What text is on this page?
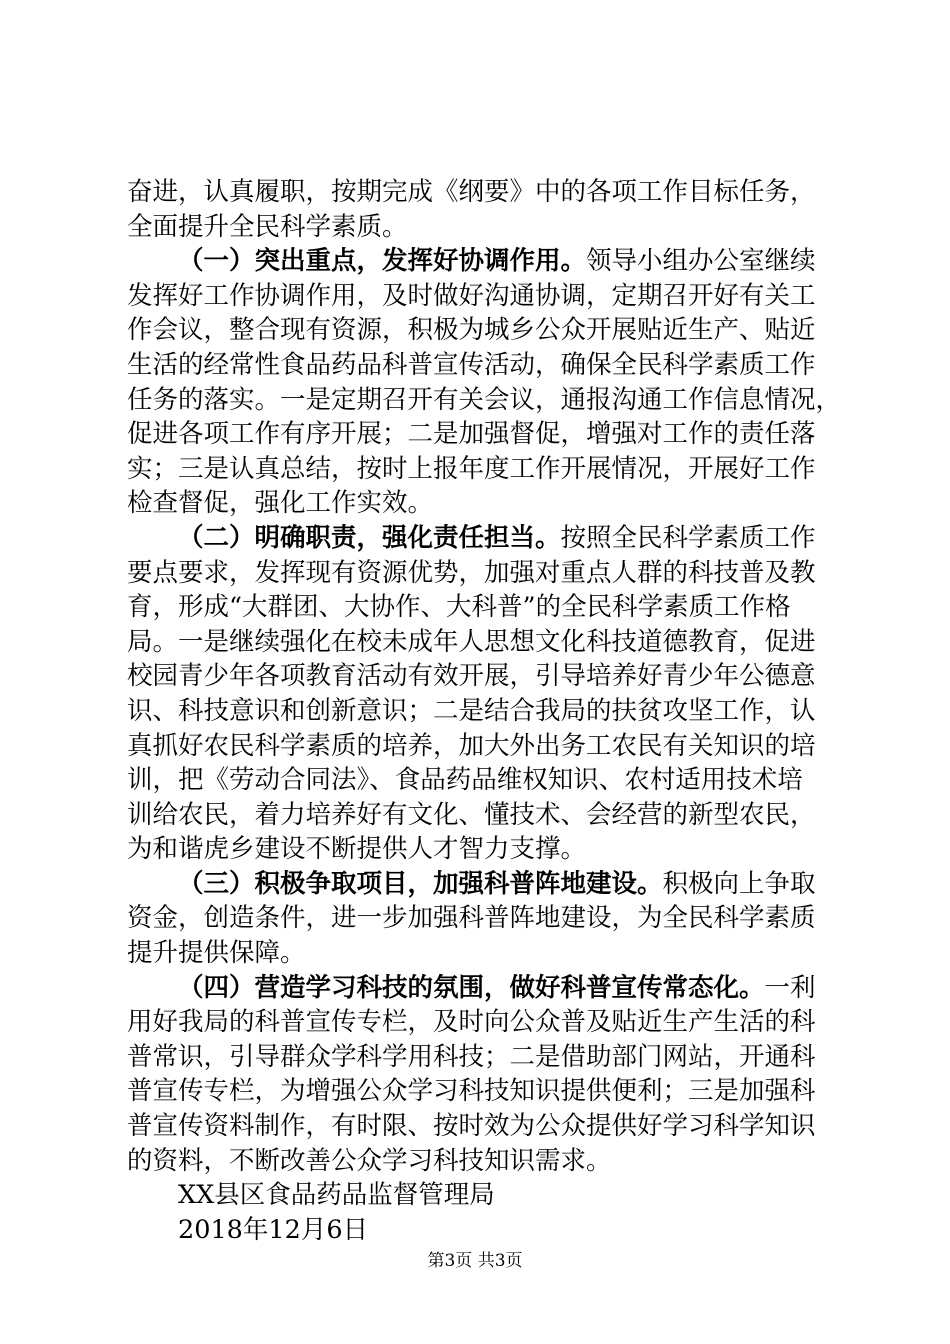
奋进，认真履职，按期完成《纲要》中的各项工作目标任务，
全面提升全民科学素质。
（一）突出重点，发挥好协调作用。领导小组办公室继续
发挥好工作协调作用，及时做好沟通协调，定期召开好有关工
作会议，整合现有资源，积极为城乡公众开展贴近生产、贴近
生活的经常性食品药品科普宣传活动，确保全民科学素质工作
任务的落实。一是定期召开有关会议，通报沟通工作信息情况，
促进各项工作有序开展；二是加强督促，增强对工作的责任落
实；三是认真总结，按时上报年度工作开展情况，开展好工作
检查督促，强化工作实效。
（二）明确职责，强化责任担当。按照全民科学素质工作
要点要求，发挥现有资源优势，加强对重点人群的科技普及教
育，形成“大群团、大协作、大科普”的全民科学素质工作格
局。一是继续强化在校未成年人思想文化科技道德教育，促进
校园青少年各项教育活动有效开展，引导培养好青少年公德意
识、科技意识和创新意识；二是结合我局的扶贫攻坚工作，认
真抓好农民科学素质的培养，加大外出务工农民有关知识的培
训，把《劳动合同法》、食品药品维权知识、农村适用技术培
训给农民，着力培养好有文化、懂技术、会经营的新型农民，
为和谐虎乡建设不断提供人才智力支撑。
（三）积极争取项目，加强科普阵地建设。积极向上争取
资金，创造条件，进一步加强科普阵地建设，为全民科学素质
提升提供保障。
（四）营造学习科技的氛围，做好科普宣传常态化。一利
用好我局的科普宣传专栏，及时向公众普及贴近生产生活的科
普常识，引导群众学科学用科技；二是借助部门网站，开通科
普宣传专栏，为增强公众学习科技知识提供便利；三是加强科
普宣传资料制作，有时限、按时效为公众提供好学习科学知识
的资料，不断改善公众学习科技知识需求。
XX县区食品药品监督管理局
2018年12月6日
第3页 共3页
